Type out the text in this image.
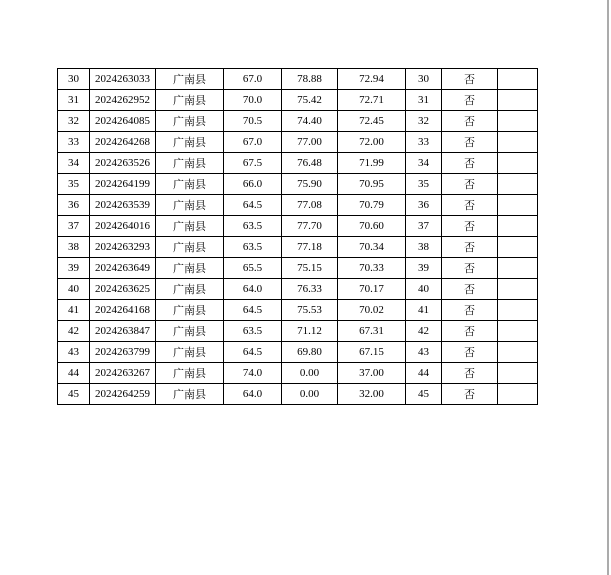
30	2024263033	广南县	67.0	78.88	72.94	30	否	
31	2024262952	广南县	70.0	75.42	72.71	31	否	
32	2024264085	广南县	70.5	74.40	72.45	32	否	
33	2024264268	广南县	67.0	77.00	72.00	33	否	
34	2024263526	广南县	67.5	76.48	71.99	34	否	
35	2024264199	广南县	66.0	75.90	70.95	35	否	
36	2024263539	广南县	64.5	77.08	70.79	36	否	
37	2024264016	广南县	63.5	77.70	70.60	37	否	
38	2024263293	广南县	63.5	77.18	70.34	38	否	
39	2024263649	广南县	65.5	75.15	70.33	39	否	
40	2024263625	广南县	64.0	76.33	70.17	40	否	
41	2024264168	广南县	64.5	75.53	70.02	41	否	
42	2024263847	广南县	63.5	71.12	67.31	42	否	
43	2024263799	广南县	64.5	69.80	67.15	43	否	
44	2024263267	广南县	74.0	0.00	37.00	44	否	
45	2024264259	广南县	64.0	0.00	32.00	45	否	
